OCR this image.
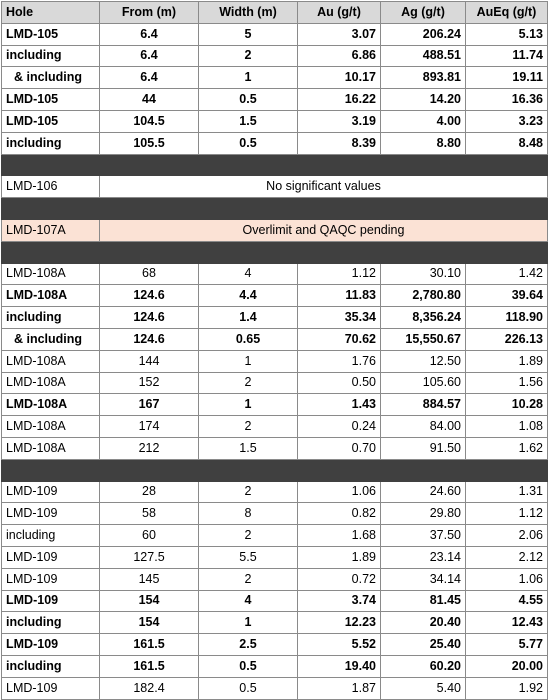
Hole	From (m)	Width (m)	Au (g/t)	Ag (g/t)	AuEq (g/t)
LMD-105	6.4	5	3.07	206.24	5.13
including	6.4	2	6.86	488.51	11.74
& including	6.4	1	10.17	893.81	19.11
LMD-105	44	0.5	16.22	14.20	16.36
LMD-105	104.5	1.5	3.19	4.00	3.23
including	105.5	0.5	8.39	8.80	8.48

LMD-106	No significant values				

LMD-107A	Overlimit and QAQC pending				

LMD-108A	68	4	1.12	30.10	1.42
LMD-108A	124.6	4.4	11.83	2,780.80	39.64
including	124.6	1.4	35.34	8,356.24	118.90
& including	124.6	0.65	70.62	15,550.67	226.13
LMD-108A	144	1	1.76	12.50	1.89
LMD-108A	152	2	0.50	105.60	1.56
LMD-108A	167	1	1.43	884.57	10.28
LMD-108A	174	2	0.24	84.00	1.08
LMD-108A	212	1.5	0.70	91.50	1.62

LMD-109	28	2	1.06	24.60	1.31
LMD-109	58	8	0.82	29.80	1.12
including	60	2	1.68	37.50	2.06
LMD-109	127.5	5.5	1.89	23.14	2.12
LMD-109	145	2	0.72	34.14	1.06
LMD-109	154	4	3.74	81.45	4.55
including	154	1	12.23	20.40	12.43
LMD-109	161.5	2.5	5.52	25.40	5.77
including	161.5	0.5	19.40	60.20	20.00
LMD-109	182.4	0.5	1.87	5.40	1.92
